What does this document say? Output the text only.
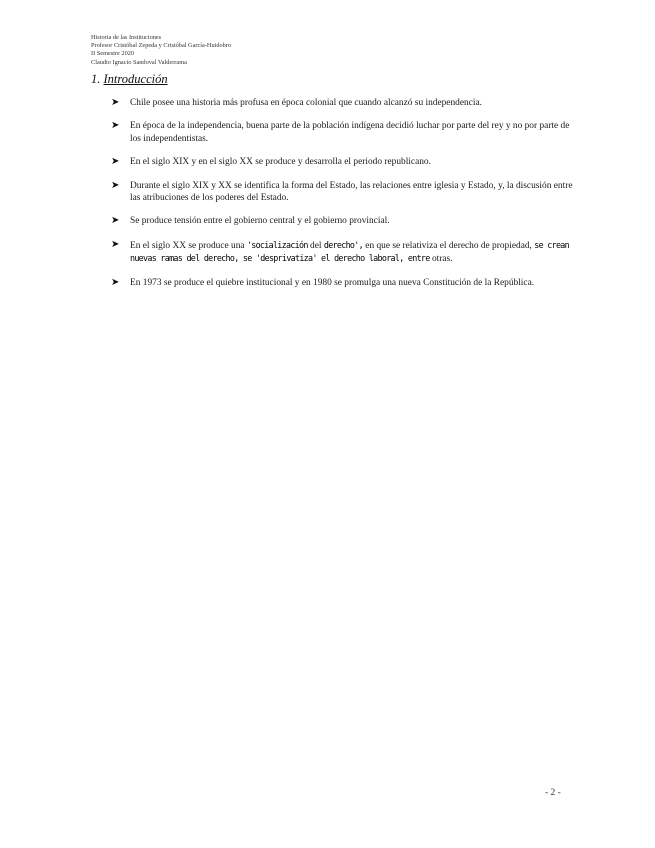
Historia de las Instituciones
Profesor Cristóbal Zepeda y Cristóbal García-Huidobro
II Semestre 2020
Claudio Ignacio Sandoval Valderrama
1. Introducción
➤ Chile posee una historia más profusa en época colonial que cuando alcanzó su independencia.
➤ En época de la independencia, buena parte de la población indígena decidió luchar por parte del rey y no por parte de los independentistas.
➤ En el siglo XIX y en el siglo XX se produce y desarrolla el periodo republicano.
➤ Durante el siglo XIX y XX se identifica la forma del Estado, las relaciones entre iglesia y Estado, y, la discusión entre las atribuciones de los poderes del Estado.
➤ Se produce tensión entre el gobierno central y el gobierno provincial.
➤ En el siglo XX se produce una 'socialización del derecho', en que se relativiza el derecho de propiedad, se crean nuevas ramas del derecho, se 'desprivatiza' el derecho laboral, entre otras.
➤ En 1973 se produce el quiebre institucional y en 1980 se promulga una nueva Constitución de la República.
- 2 -
